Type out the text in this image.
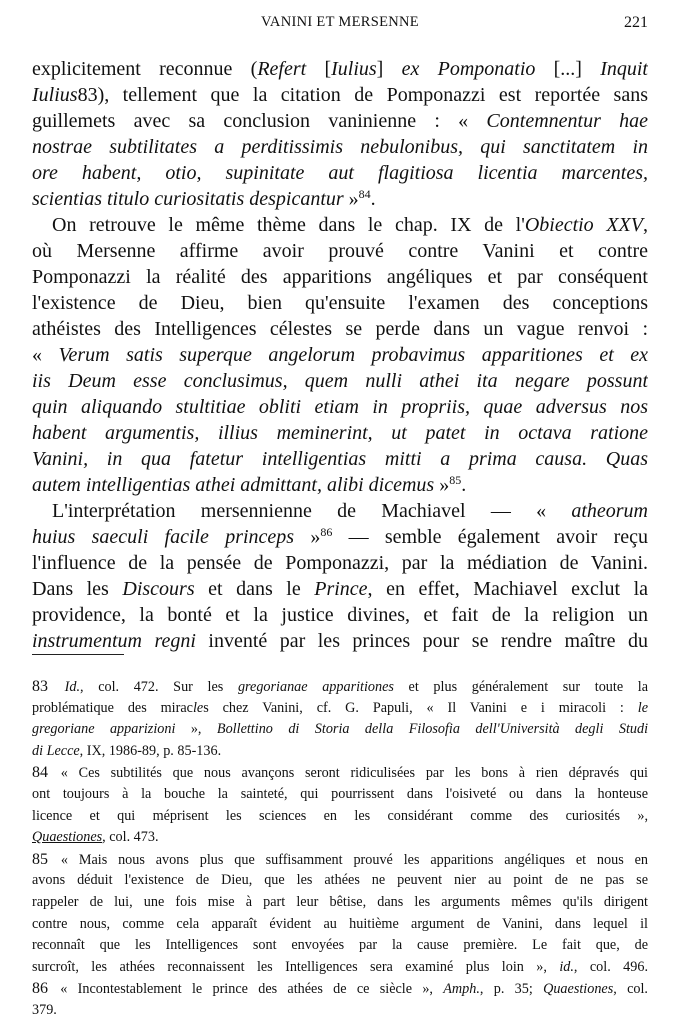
VANINI ET MERSENNE	221
explicitement reconnue (Refert [Iulius] ex Pomponatio [...] Inquit
Iulius83), tellement que la citation de Pomponazzi est reportée sans
guillemets avec sa conclusion vaninienne : « Contemnentur hae
nostrae subtilitates a perditissimis nebulonibus, qui sanctitatem in
ore habent, otio, supinitate aut flagitiosa licentia marcentes,
scientias titulo curiositatis despicantur »$^{84}$.
On retrouve le même thème dans le chap. IX de l'Obiectio XXV,
où Mersenne affirme avoir prouvé contre Vanini et contre
Pomponazzi la réalité des apparitions angéliques et par conséquent
l'existence de Dieu, bien qu'ensuite l'examen des conceptions
athéistes des Intelligences célestes se perde dans un vague renvoi :
« Verum satis superque angelorum probavimus apparitiones et ex
iis Deum esse conclusimus, quem nulli athei ita negare possunt
quin aliquando stultitiae obliti etiam in propriis, quae adversus nos
habent argumentis, illius meminerint, ut patet in octava ratione
Vanini, in qua fatetur intelligentias mitti a prima causa. Quas
autem intelligentias athei admittant, alibi dicemus »$^{85}$.
L'interprétation mersennienne de Machiavel — « atheorum
huius saeculi facile princeps »$^{86}$ — semble également avoir reçu
l'influence de la pensée de Pomponazzi, par la médiation de Vanini.
Dans les Discours et dans le Prince, en effet, Machiavel exclut la
providence, la bonté et la justice divines, et fait de la religion un
instrumentum regni inventé par les princes pour se rendre maître du
83 Id., col. 472. Sur les gregorianae apparitiones et plus généralement sur toute la
problématique des miracles chez Vanini, cf. G. Papuli, « Il Vanini e i miracoli : le
gregoriane apparizioni », Bollettino di Storia della Filosofia dell'Università degli Studi
di Lecce, IX, 1986-89, p. 85-136.
84 « Ces subtilités que nous avançons seront ridiculisées par les bons à rien dépravés qui
ont toujours à la bouche la sainteté, qui pourrissent dans l'oisiveté ou dans la honteuse
licence et qui méprisent les sciences en les considérant comme des curiosités »,
Quaestiones, col. 473.
85 « Mais nous avons plus que suffisamment prouvé les apparitions angéliques et nous en
avons déduit l'existence de Dieu, que les athées ne peuvent nier au point de ne pas se
rappeler de lui, une fois mise à part leur bêtise, dans les arguments mêmes qu'ils dirigent
contre nous, comme cela apparaît évident au huitième argument de Vanini, dans lequel il
reconnaît que les Intelligences sont envoyées par la cause première. Le fait que, de
surcroît, les athées reconnaissent les Intelligences sera examiné plus loin », id., col. 496.
86 « Incontestablement le prince des athées de ce siècle », Amph., p. 35; Quaestiones, col.
379.
